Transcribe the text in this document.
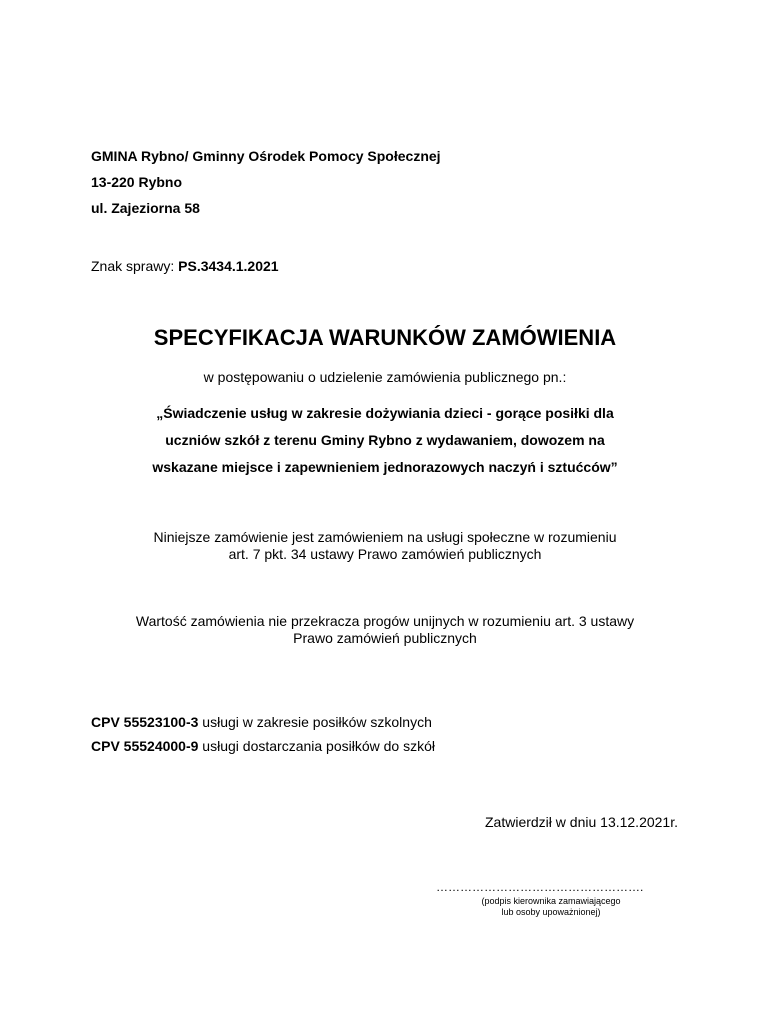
GMINA Rybno/ Gminny Ośrodek Pomocy Społecznej
13-220 Rybno
ul. Zajeziorna 58
Znak sprawy: PS.3434.1.2021
SPECYFIKACJA WARUNKÓW ZAMÓWIENIA
w postępowaniu o udzielenie zamówienia publicznego pn.:
„Świadczenie usług w zakresie dożywiania dzieci - gorące posiłki dla
uczniów szkół z terenu Gminy Rybno z wydawaniem, dowozem na
wskazane miejsce i zapewnieniem jednorazowych naczyń i sztućców”
Niniejsze zamówienie jest zamówieniem na usługi społeczne w rozumieniu
art. 7 pkt. 34 ustawy Prawo zamówień publicznych
Wartość zamówienia nie przekracza progów unijnych w rozumieniu art. 3 ustawy
Prawo zamówień publicznych
CPV 55523100-3 usługi w zakresie posiłków szkolnych
CPV 55524000-9 usługi dostarczania posiłków do szkół
Zatwierdził w dniu 13.12.2021r.
…………………………………………….
(podpis kierownika zamawiającego
lub osoby upoważnionej)
